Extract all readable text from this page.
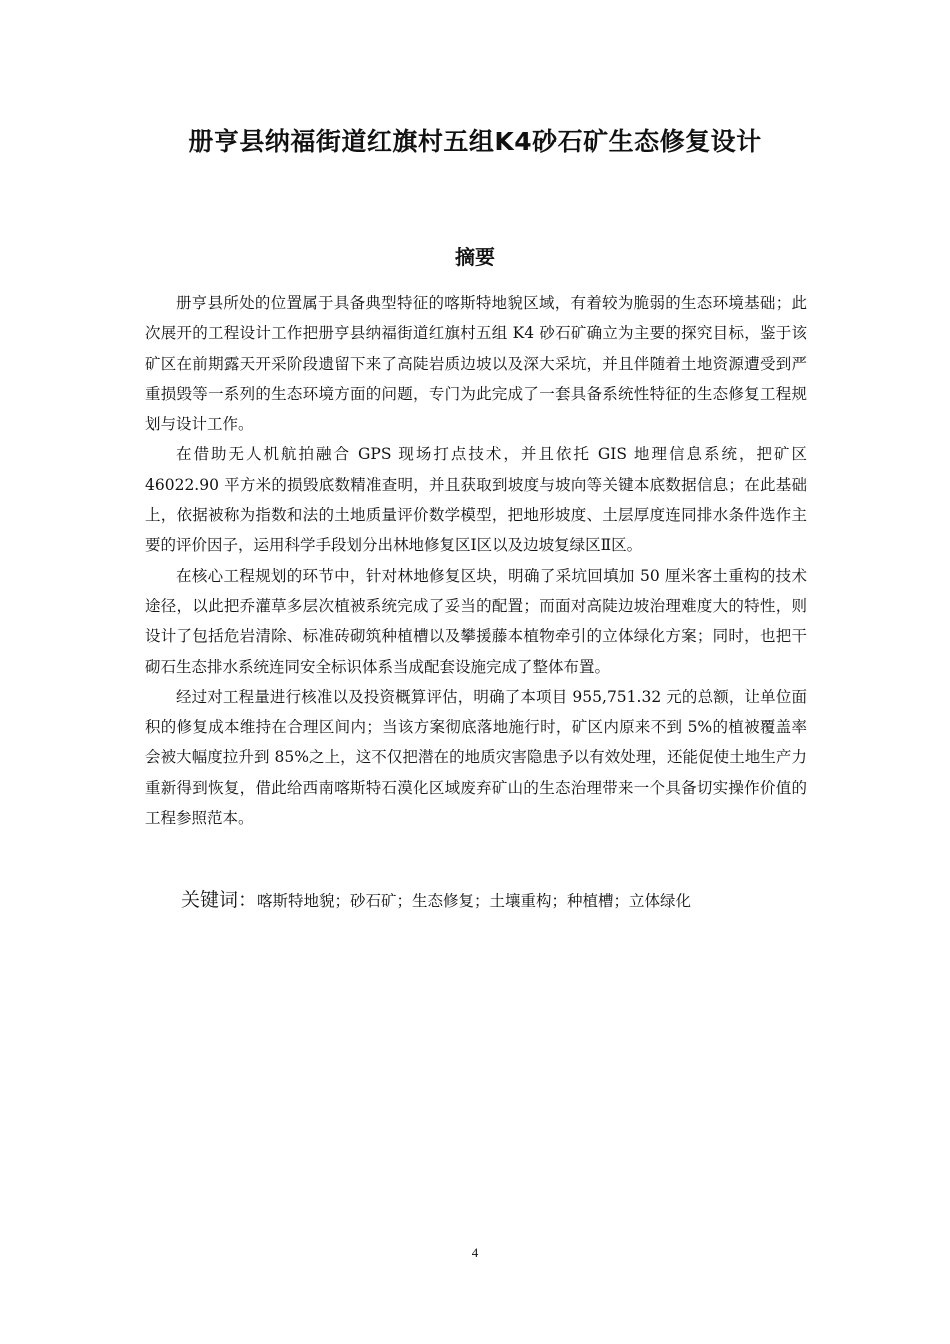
册亨县纳福街道红旗村五组K4砂石矿生态修复设计
摘要

册亨县所处的位置属于具备典型特征的喀斯特地貌区域，有着较为脆弱的生态环境基础；此次展开的工程设计工作把册亨县纳福街道红旗村五组 K4 砂石矿确立为主要的探究目标，鉴于该矿区在前期露天开采阶段遗留下来了高陡岩质边坡以及深大采坑，并且伴随着土地资源遭受到严重损毁等一系列的生态环境方面的问题，专门为此完成了一套具备系统性特征的生态修复工程规划与设计工作。

在借助无人机航拍融合 GPS 现场打点技术，并且依托 GIS 地理信息系统，把矿区46022.90 平方米的损毁底数精准查明，并且获取到坡度与坡向等关键本底数据信息；在此基础上，依据被称为指数和法的土地质量评价数学模型，把地形坡度、土层厚度连同排水条件选作主要的评价因子，运用科学手段划分出林地修复区Ⅰ区以及边坡复绿区Ⅱ区。

在核心工程规划的环节中，针对林地修复区块，明确了采坑回填加 50 厘米客土重构的技术途径，以此把乔灌草多层次植被系统完成了妥当的配置；而面对高陡边坡治理难度大的特性，则设计了包括危岩清除、标准砖砌筑种植槽以及攀援藤本植物牵引的立体绿化方案；同时，也把干砌石生态排水系统连同安全标识体系当成配套设施完成了整体布置。

经过对工程量进行核准以及投资概算评估，明确了本项目 955,751.32 元的总额，让单位面积的修复成本维持在合理区间内；当该方案彻底落地施行时，矿区内原来不到 5%的植被覆盖率会被大幅度拉升到 85%之上，这不仅把潜在的地质灾害隐患予以有效处理，还能促使土地生产力重新得到恢复，借此给西南喀斯特石漠化区域废弃矿山的生态治理带来一个具备切实操作价值的工程参照范本。

关键词：喀斯特地貌；砂石矿；生态修复；土壤重构；种植槽；立体绿化
4
